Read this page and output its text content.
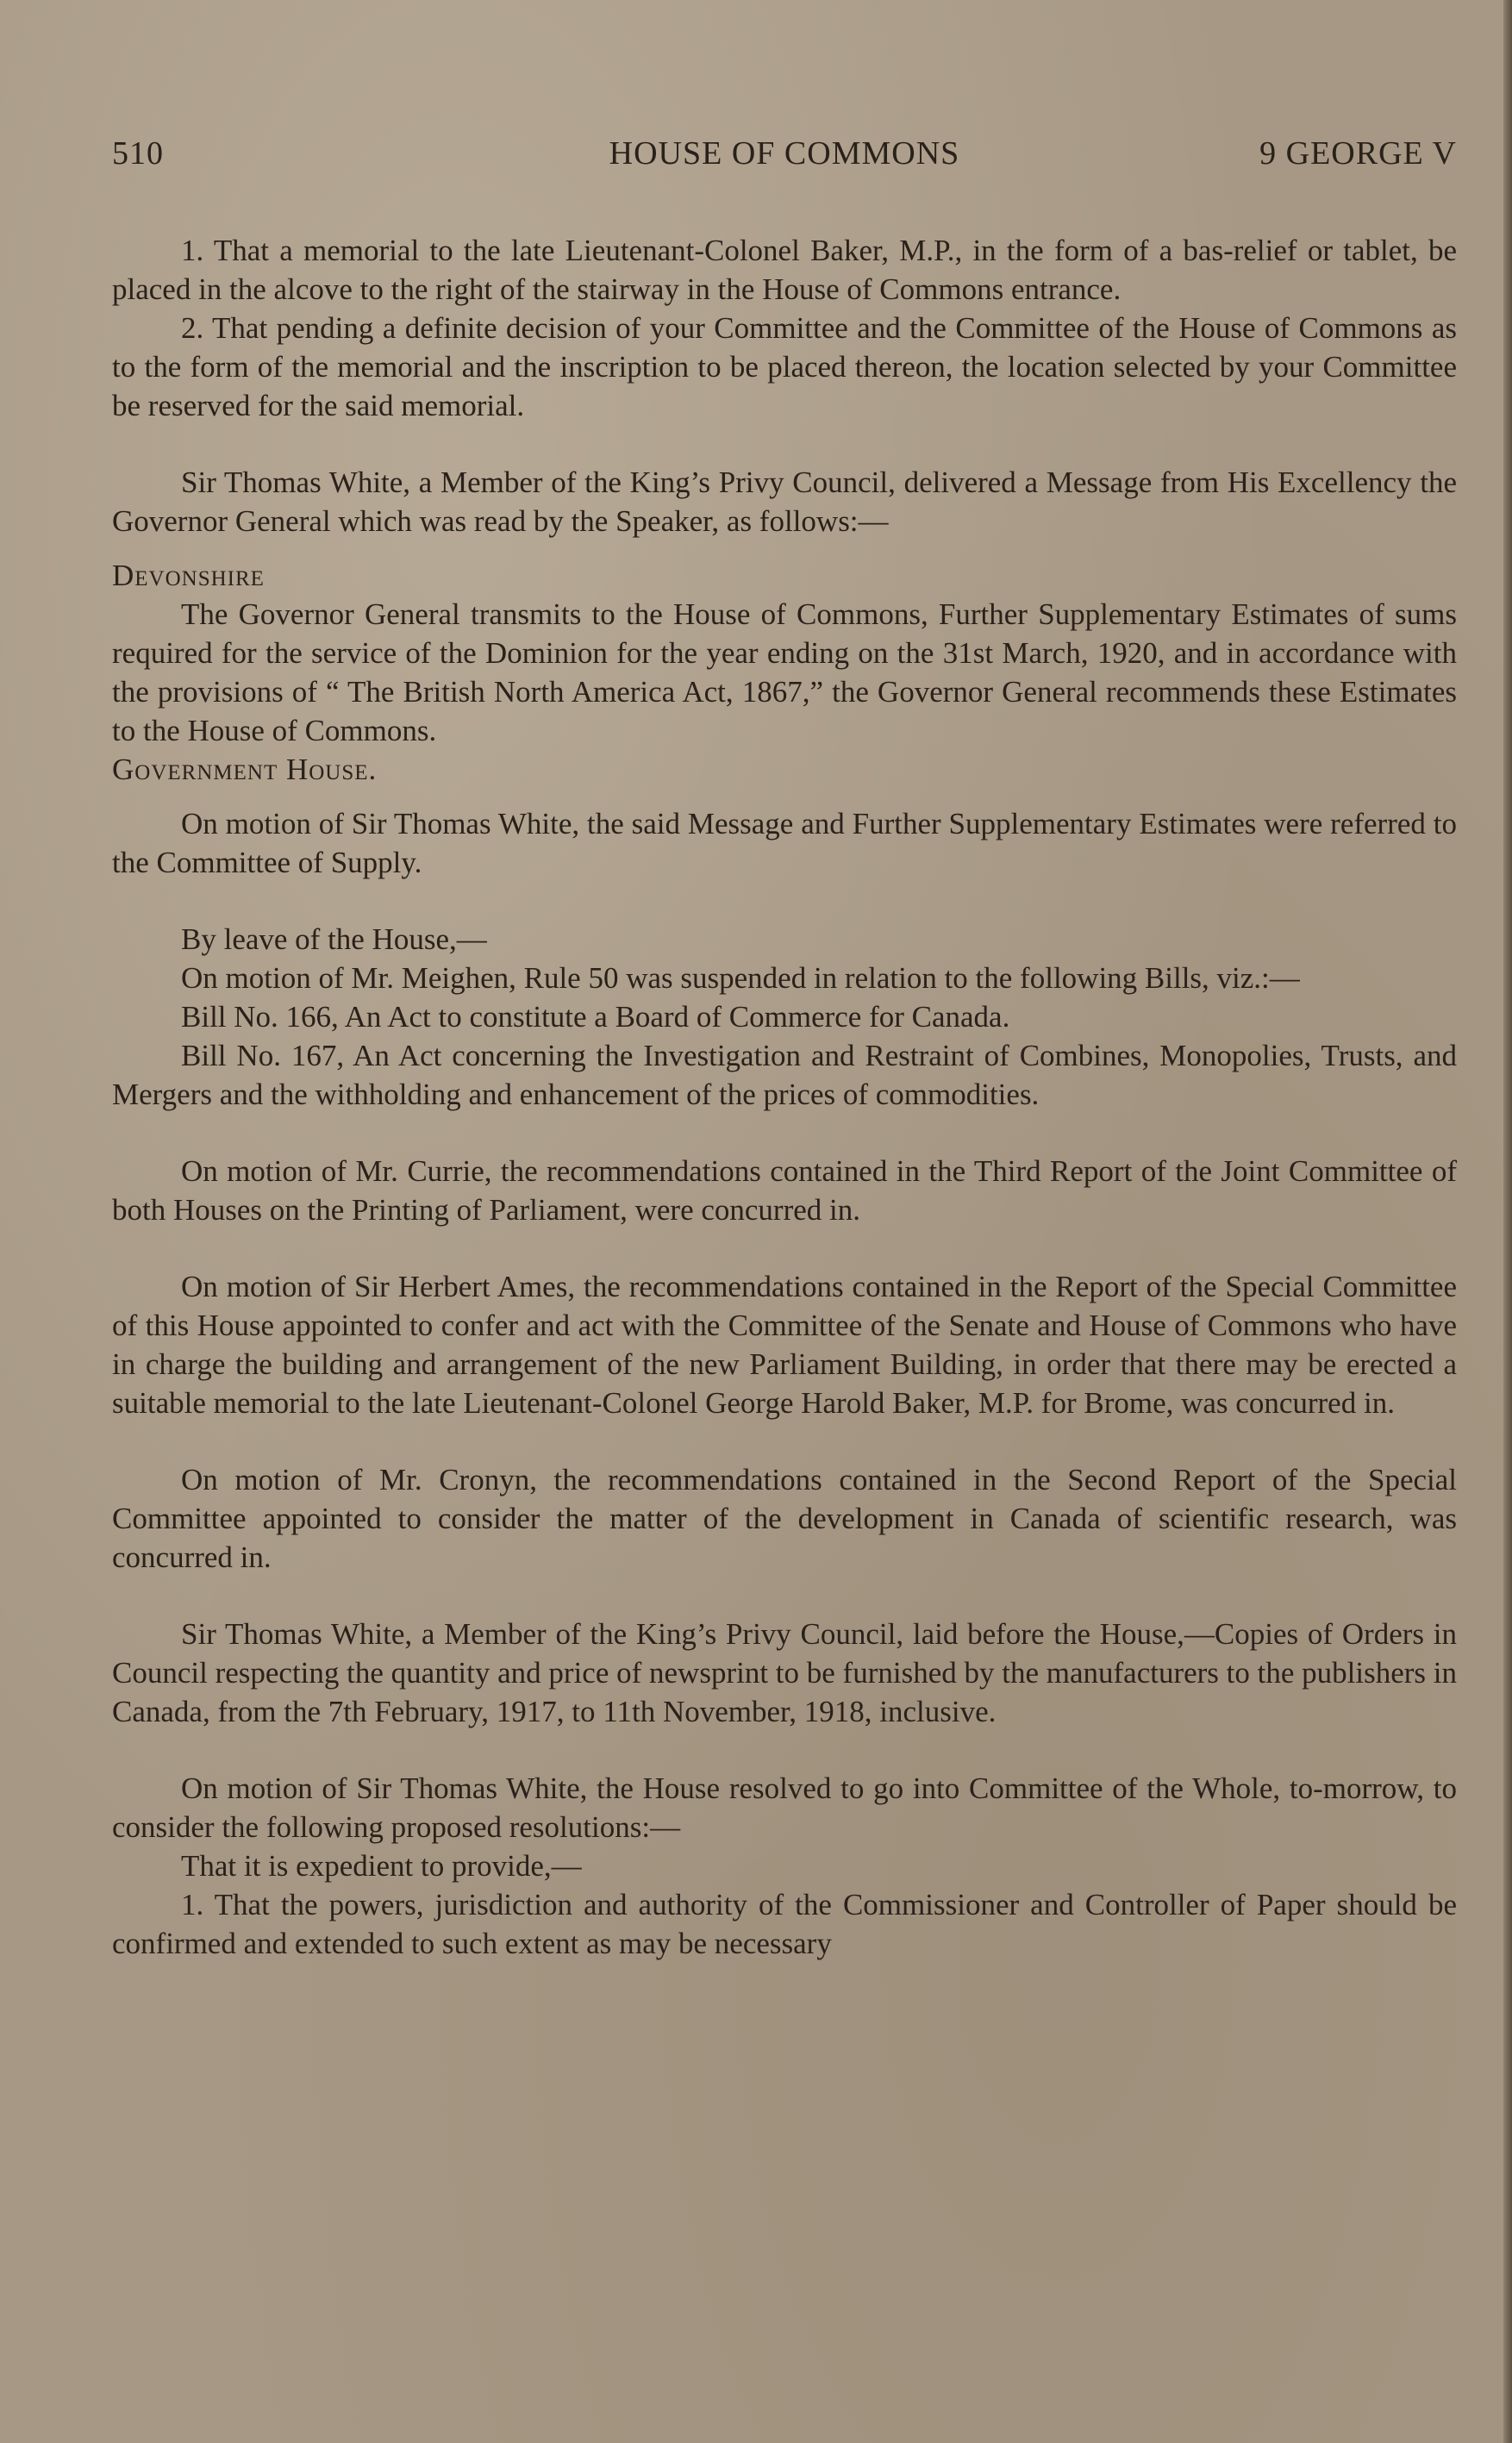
510	HOUSE OF COMMONS	9 GEORGE V

1. That a memorial to the late Lieutenant-Colonel Baker, M.P., in the form of a bas-relief or tablet, be placed in the alcove to the right of the stairway in the House of Commons entrance.

2. That pending a definite decision of your Committee and the Committee of the House of Commons as to the form of the memorial and the inscription to be placed thereon, the location selected by your Committee be reserved for the said memorial.

Sir Thomas White, a Member of the King’s Privy Council, delivered a Message from His Excellency the Governor General which was read by the Speaker, as follows:—

Devonshire

The Governor General transmits to the House of Commons, Further Supplementary Estimates of sums required for the service of the Dominion for the year ending on the 31st March, 1920, and in accordance with the provisions of “ The British North America Act, 1867,” the Governor General recommends these Estimates to the House of Commons.

Government House.

On motion of Sir Thomas White, the said Message and Further Supplementary Estimates were referred to the Committee of Supply.

By leave of the House,—

On motion of Mr. Meighen, Rule 50 was suspended in relation to the following Bills, viz.:—

Bill No. 166, An Act to constitute a Board of Commerce for Canada.

Bill No. 167, An Act concerning the Investigation and Restraint of Combines, Monopolies, Trusts, and Mergers and the withholding and enhancement of the prices of commodities.

On motion of Mr. Currie, the recommendations contained in the Third Report of the Joint Committee of both Houses on the Printing of Parliament, were concurred in.

On motion of Sir Herbert Ames, the recommendations contained in the Report of the Special Committee of this House appointed to confer and act with the Committee of the Senate and House of Commons who have in charge the building and arrangement of the new Parliament Building, in order that there may be erected a suitable memorial to the late Lieutenant-Colonel George Harold Baker, M.P. for Brome, was concurred in.

On motion of Mr. Cronyn, the recommendations contained in the Second Report of the Special Committee appointed to consider the matter of the development in Canada of scientific research, was concurred in.

Sir Thomas White, a Member of the King’s Privy Council, laid before the House,—Copies of Orders in Council respecting the quantity and price of newsprint to be furnished by the manufacturers to the publishers in Canada, from the 7th February, 1917, to 11th November, 1918, inclusive.

On motion of Sir Thomas White, the House resolved to go into Committee of the Whole, to-morrow, to consider the following proposed resolutions:—

That it is expedient to provide,—

1. That the powers, jurisdiction and authority of the Commissioner and Controller of Paper should be confirmed and extended to such extent as may be necessary
